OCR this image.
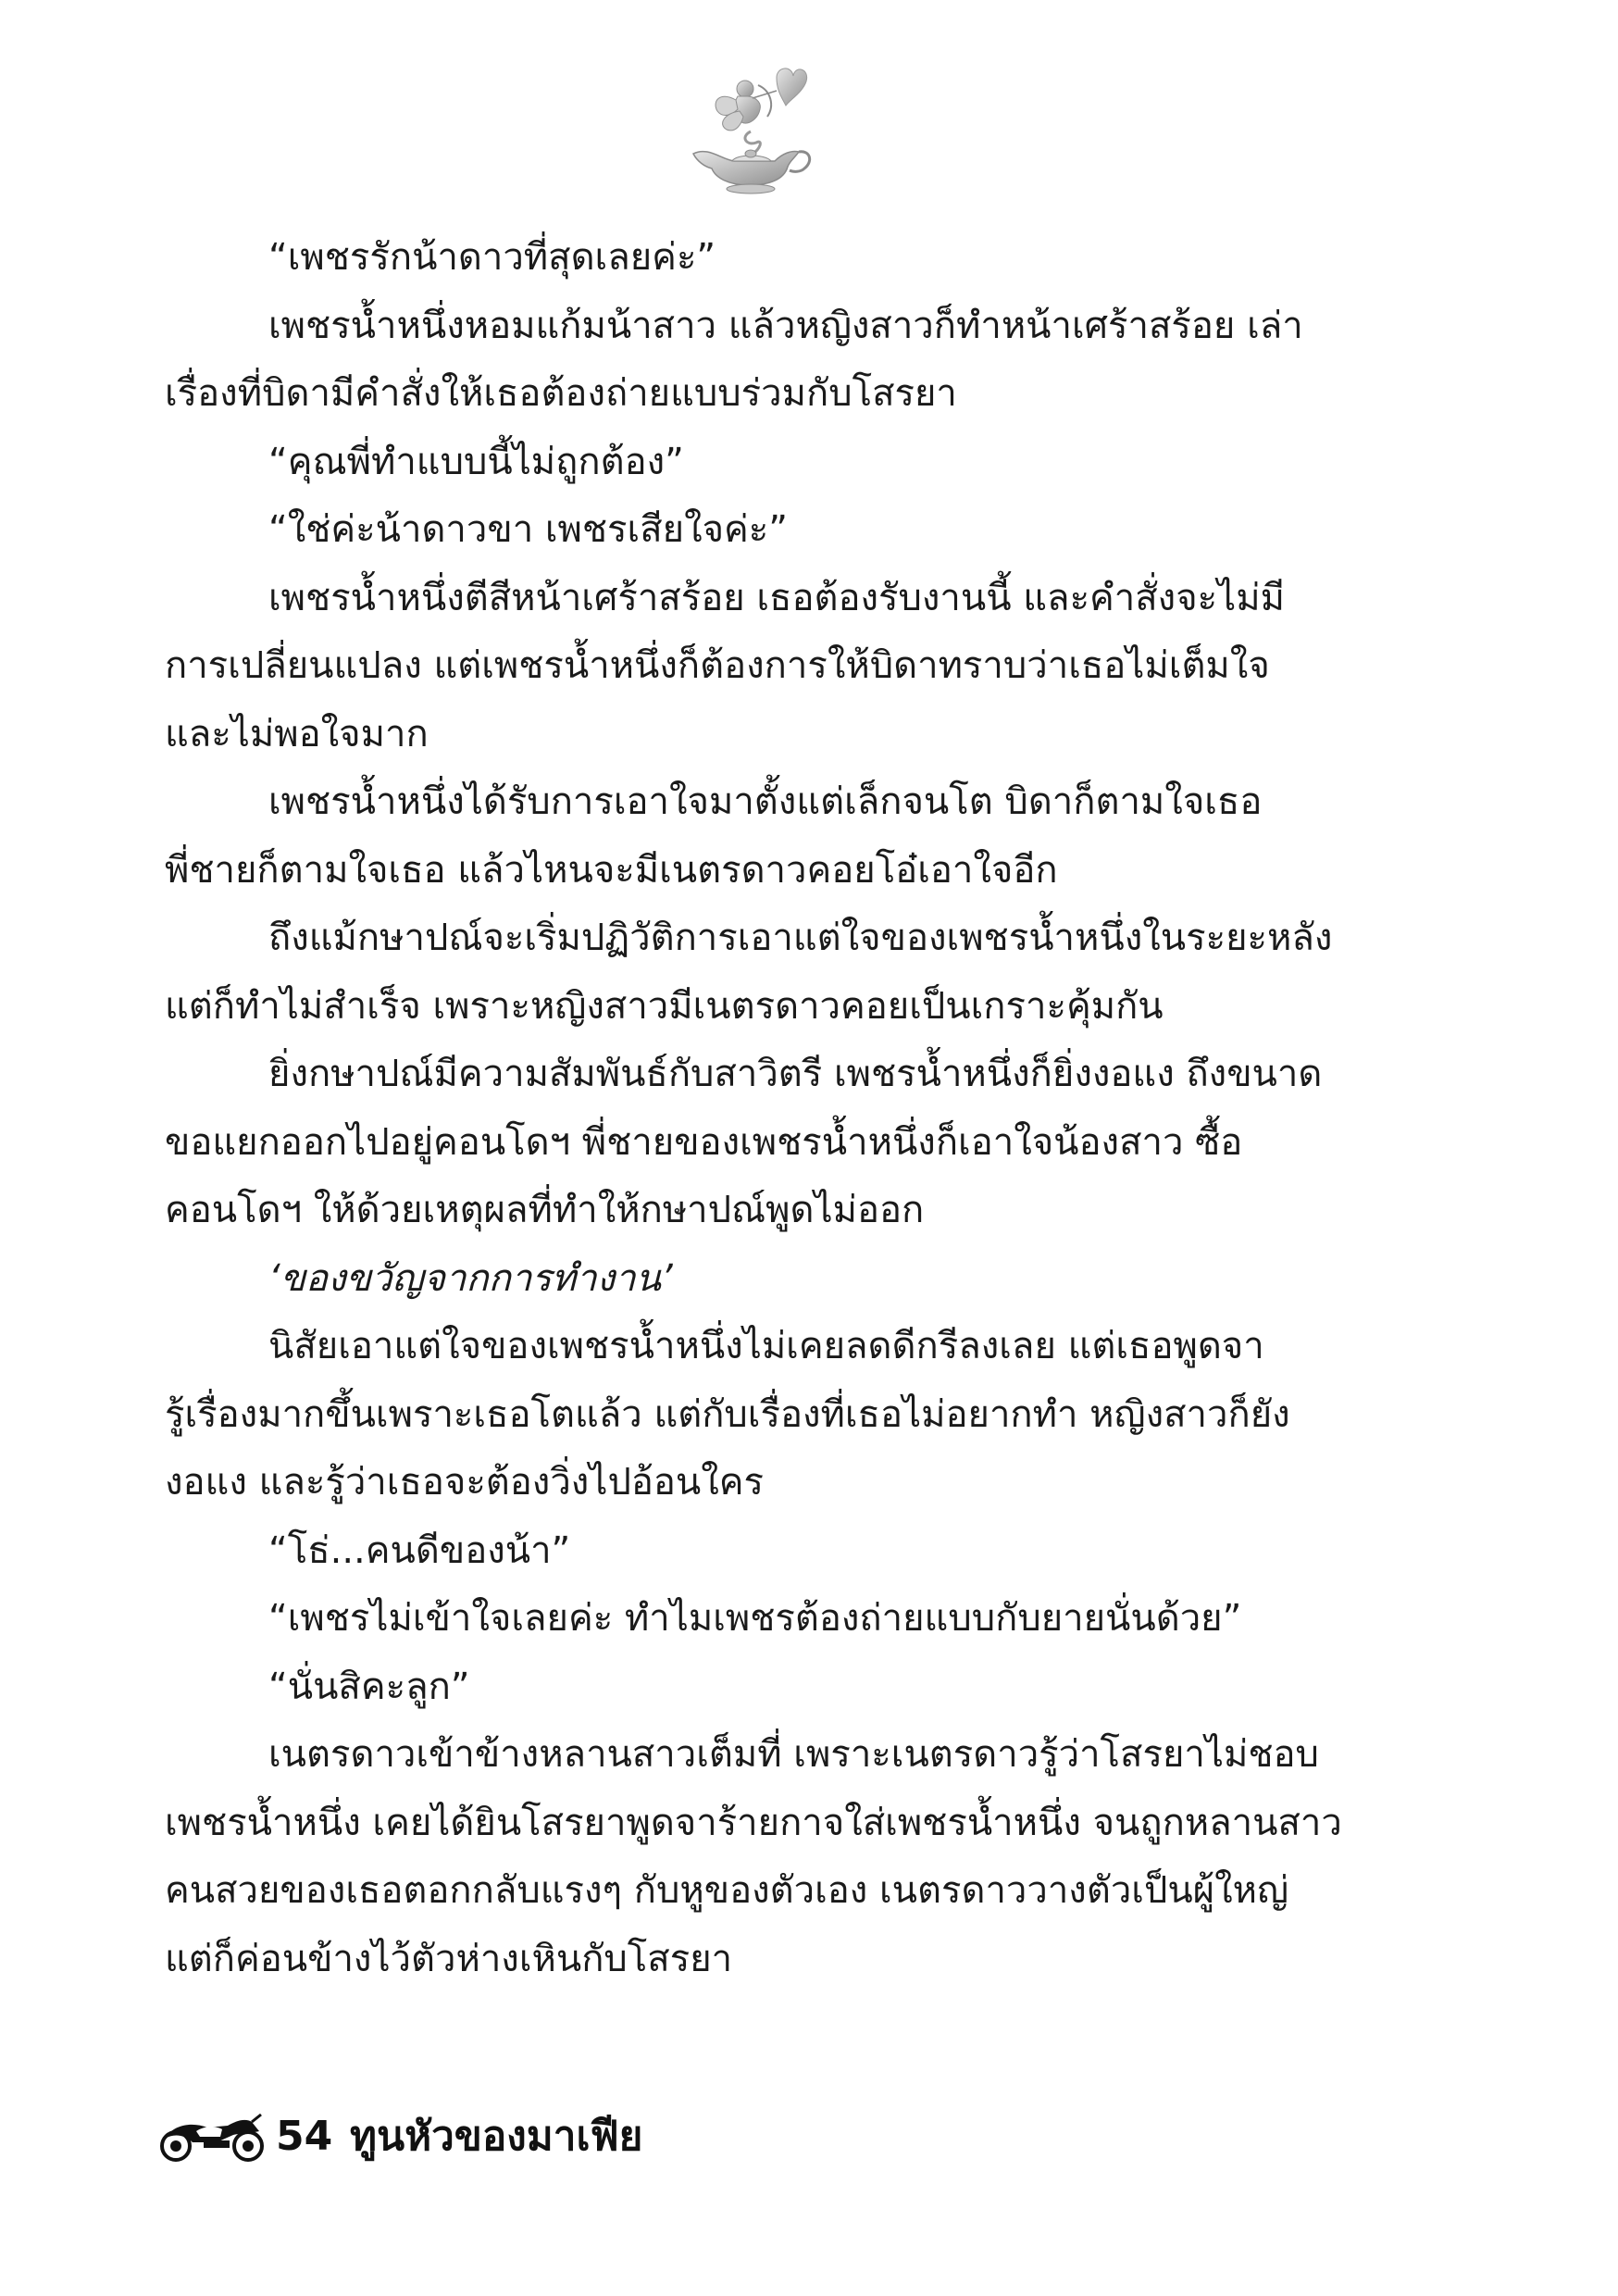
“เพชรรักน้าดาวที่สุดเลยค่ะ”

เพชรน้ำหนึ่งหอมแก้มน้าสาว แล้วหญิงสาวก็ทำหน้าเศร้าสร้อย เล่า

เรื่องที่บิดามีคำสั่งให้เธอต้องถ่ายแบบร่วมกับโสรยา

“คุณพี่ทำแบบนี้ไม่ถูกต้อง”

“ใช่ค่ะน้าดาวขา เพชรเสียใจค่ะ”

เพชรน้ำหนึ่งตีสีหน้าเศร้าสร้อย เธอต้องรับงานนี้ และคำสั่งจะไม่มี

การเปลี่ยนแปลง แต่เพชรน้ำหนึ่งก็ต้องการให้บิดาทราบว่าเธอไม่เต็มใจ

และไม่พอใจมาก

เพชรน้ำหนึ่งได้รับการเอาใจมาตั้งแต่เล็กจนโต บิดาก็ตามใจเธอ

พี่ชายก็ตามใจเธอ แล้วไหนจะมีเนตรดาวคอยโอ๋เอาใจอีก

ถึงแม้กษาปณ์จะเริ่มปฏิวัติการเอาแต่ใจของเพชรน้ำหนึ่งในระยะหลัง

แต่ก็ทำไม่สำเร็จ เพราะหญิงสาวมีเนตรดาวคอยเป็นเกราะคุ้มกัน

ยิ่งกษาปณ์มีความสัมพันธ์กับสาวิตรี เพชรน้ำหนึ่งก็ยิ่งงอแง ถึงขนาด

ขอแยกออกไปอยู่คอนโดฯ พี่ชายของเพชรน้ำหนึ่งก็เอาใจน้องสาว ซื้อ

คอนโดฯ ให้ด้วยเหตุผลที่ทำให้กษาปณ์พูดไม่ออก

‘ของขวัญจากการทำงาน’

นิสัยเอาแต่ใจของเพชรน้ำหนึ่งไม่เคยลดดีกรีลงเลย แต่เธอพูดจา

รู้เรื่องมากขึ้นเพราะเธอโตแล้ว แต่กับเรื่องที่เธอไม่อยากทำ หญิงสาวก็ยัง

งอแง และรู้ว่าเธอจะต้องวิ่งไปอ้อนใคร

“โธ่...คนดีของน้า”

“เพชรไม่เข้าใจเลยค่ะ ทำไมเพชรต้องถ่ายแบบกับยายนั่นด้วย”

“นั่นสิคะลูก”

เนตรดาวเข้าข้างหลานสาวเต็มที่ เพราะเนตรดาวรู้ว่าโสรยาไม่ชอบ

เพชรน้ำหนึ่ง เคยได้ยินโสรยาพูดจาร้ายกาจใส่เพชรน้ำหนึ่ง จนถูกหลานสาว

คนสวยของเธอตอกกลับแรงๆ กับหูของตัวเอง เนตรดาววางตัวเป็นผู้ใหญ่

แต่ก็ค่อนข้างไว้ตัวห่างเหินกับโสรยา

54 ทูนหัวของมาเฟีย
